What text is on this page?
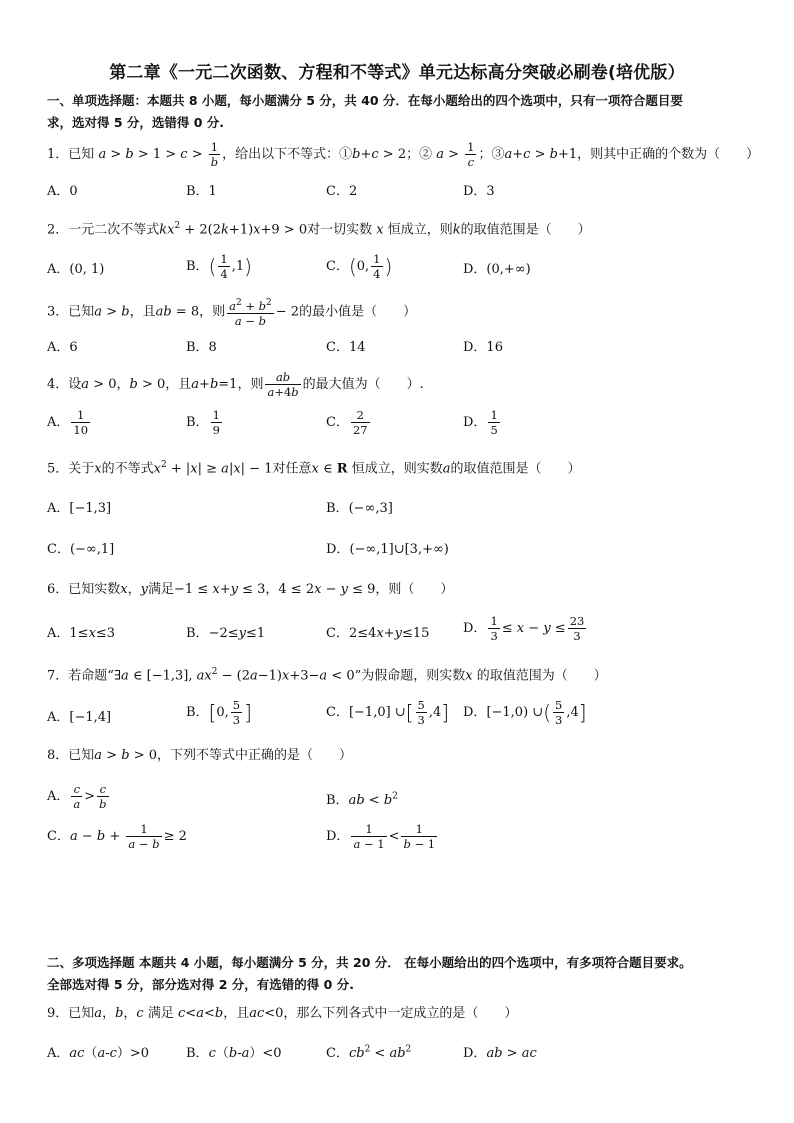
第二章《一元二次函数、方程和不等式》单元达标高分突破必刷卷(培优版）
一、单项选择题：本题共 8 小题，每小题满分 5 分，共 40 分．在每小题给出的四个选项中，只有一项符合题目要
求，选对得 5 分，选错得 0 分.
1．已知 $a > b > 1 > c > \frac{1}{b}$ ，给出以下不等式：①b+c > 2；② $a > \frac{1}{c}$ ；③a+c > b+1，则其中正确的个数为（　　）
A．0	B．1	C．2	D．3
2．一元二次不等式$kx^2 + 2(2k+1)x+9 > 0$对一切实数 x 恒成立，则k的取值范围是（　　）
A．(0, 1)	B．( $\frac{1}{4} ,1$)	C．(0, $\frac{1}{4}$ )	D．(0,+∞)
3．已知a > b，且ab = 8，则 $\frac{a^2 + b^2}{a - b} - 2$的最小值是（　　）
A．6	B．8	C．14	D．16
4．设a > 0，b > 0，且a+b=1，则 $\frac{ab}{a+4b}$ 的最大值为（　　）.
A． $\frac{1}{10}$	B． $\frac{1}{9}$	C． $\frac{2}{27}$	D． $\frac{1}{5}$
5．关于x的不等式$x^2 + |x| \ge a|x| - 1$对任意x ∈ R 恒成立，则实数a的取值范围是（　　）
A．[−1,3]	B．(−∞,3]
C．(−∞,1]	D．(−∞,1]∪[3,+∞)
6．已知实数x，y满足−1 ≤ x+y ≤ 3，4 ≤ 2x − y ≤ 9，则（　　）
A．1≤x≤3	B．−2≤y≤1	C．2≤4x+y≤15	D． $\frac{1}{3} \le x - y \le \frac{23}{3}$
7．若命题“∃a ∈ [−1,3], $ax^2 - (2a-1)x+3-a < 0$”为假命题，则实数x 的取值范围为（　　）
A．[−1,4]	B．[0, $\frac{5}{3}$ ]	C．[−1,0] ∪[ $\frac{5}{3} ,4$] D．[−1,0) ∪( $\frac{5}{3} ,4$]
8．已知a > b > 0，下列不等式中正确的是（　　）
A． $\frac{c}{a} > \frac{c}{b}$	B．ab < $b^2$
C．$a - b + \frac{1}{a - b} \ge 2$	D． $\frac{1}{a - 1} < \frac{1}{b - 1}$
二、多项选择题 本题共 4 小题，每小题满分 5 分，共 20 分． 在每小题给出的四个选项中，有多项符合题目要求。
全部选对得 5 分，部分选对得 2 分，有选错的得 0 分.
9．已知a，b，c 满足 c<a<b，且ac<0，那么下列各式中一定成立的是（　　）
A．ac（a-c）>0	B．c（b-a）<0	C．$cb^2 < ab^2$	D．ab > ac
